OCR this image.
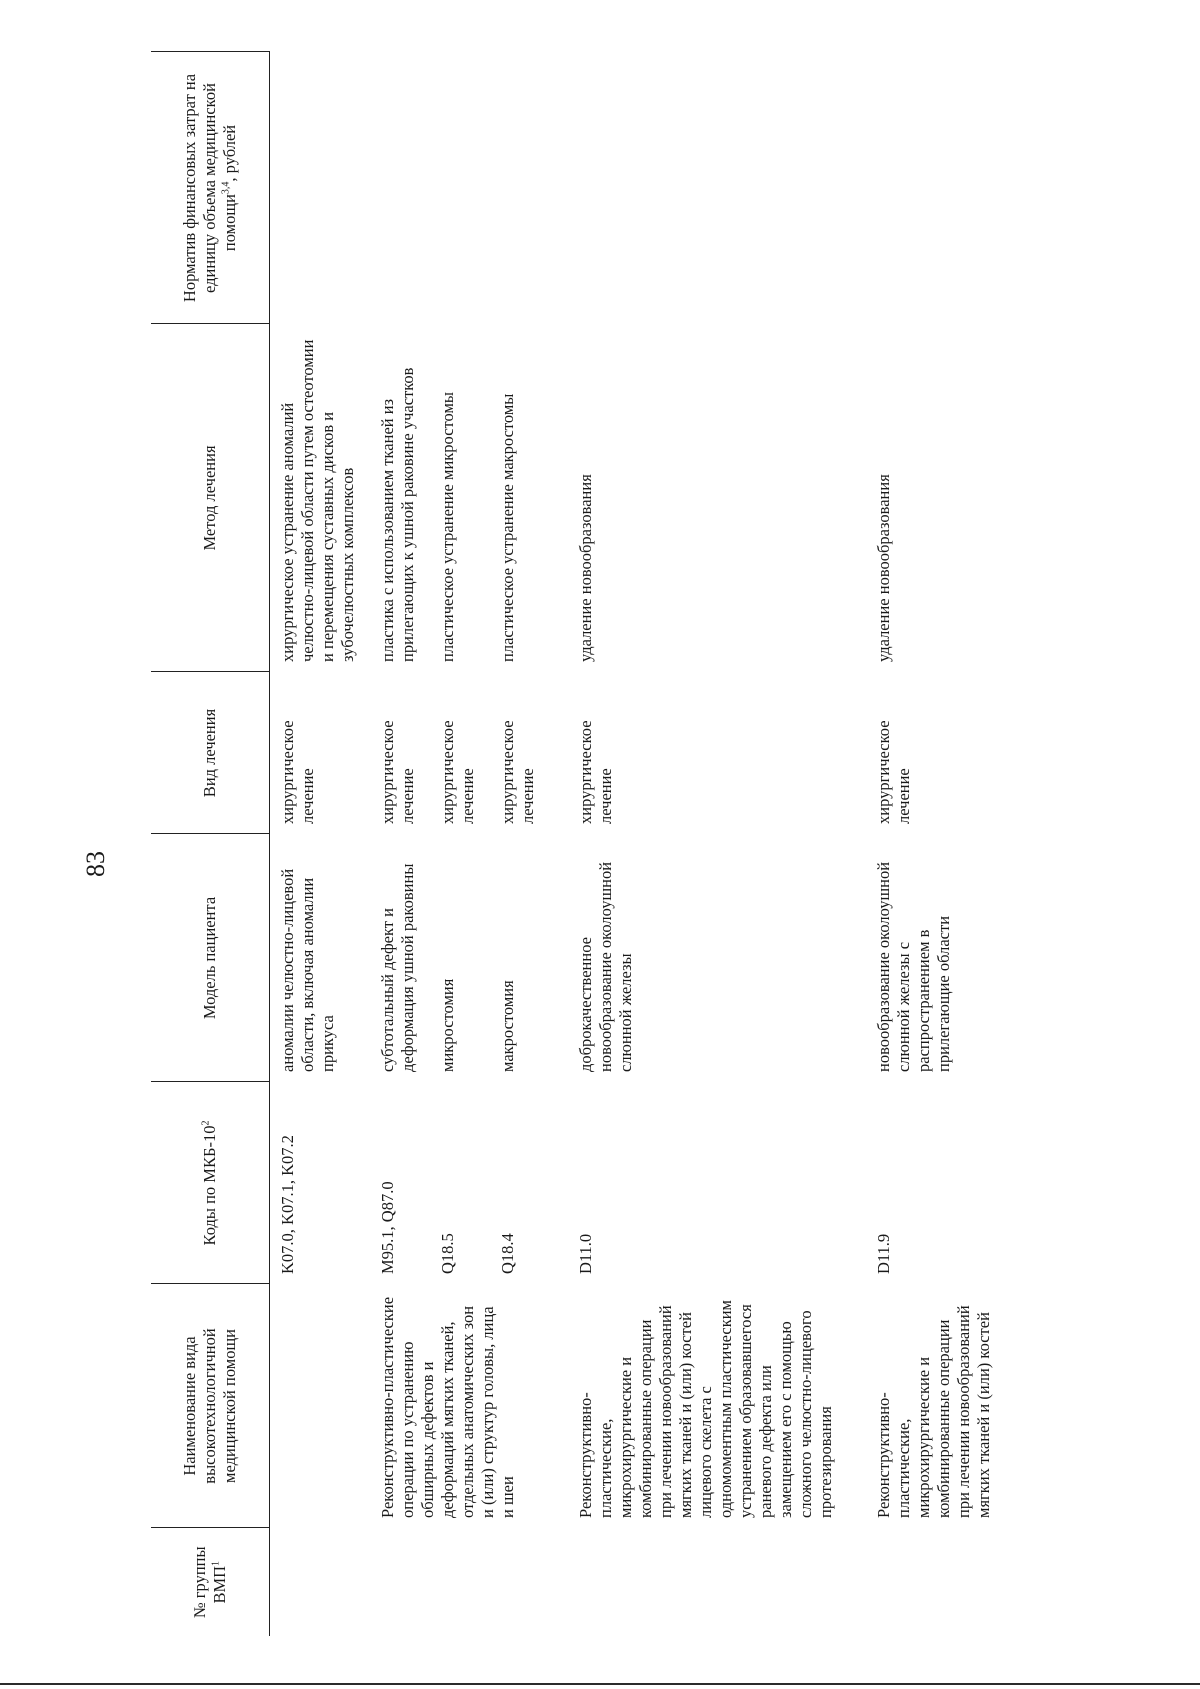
83
№ группы ВМП$^1$	Наименование вида высокотехнологичной медицинской помощи	Коды по МКБ-$10^2$	Модель пациента	Вид лечения	Метод лечения	Норматив финансовых затрат на единицу объема медицинской помощи$^{3,4}$, рублей
		K07.0, K07.1, K07.2	аномалии челюстно-лицевой области, включая аномалии прикуса	хирургическое лечение	хирургическое устранение аномалий челюстно-лицевой области путем остеотомии и перемещения суставных дисков и зубочелюстных комплексов	
	Реконструктивно-пластические операции по устранению обширных дефектов и деформаций мягких тканей, отдельных анатомических зон и (или) структур головы, лица и шеи	M95.1, Q87.0	субтотальный дефект и деформация ушной раковины	хирургическое лечение	пластика с использованием тканей из прилегающих к ушной раковине участков	
		Q18.5	микростомия	хирургическое лечение	пластическое устранение микростомы	
		Q18.4	макростомия	хирургическое лечение	пластическое устранение макростомы	
	Реконструктивно-пластические, микрохирургические и комбинированные операции при лечении новообразований мягких тканей и (или) костей лицевого скелета с одномоментным пластическим устранением образовавшегося раневого дефекта или замещением его с помощью сложного челюстно-лицевого протезирования	D11.0	доброкачественное новообразование околоушной слюнной железы	хирургическое лечение	удаление новообразования	
	Реконструктивно-пластические, микрохирургические и комбинированные операции при лечении новообразований мягких тканей и (или) костей	D11.9	новообразование околоушной слюнной железы с распространением в прилегающие области	хирургическое лечение	удаление новообразования	
